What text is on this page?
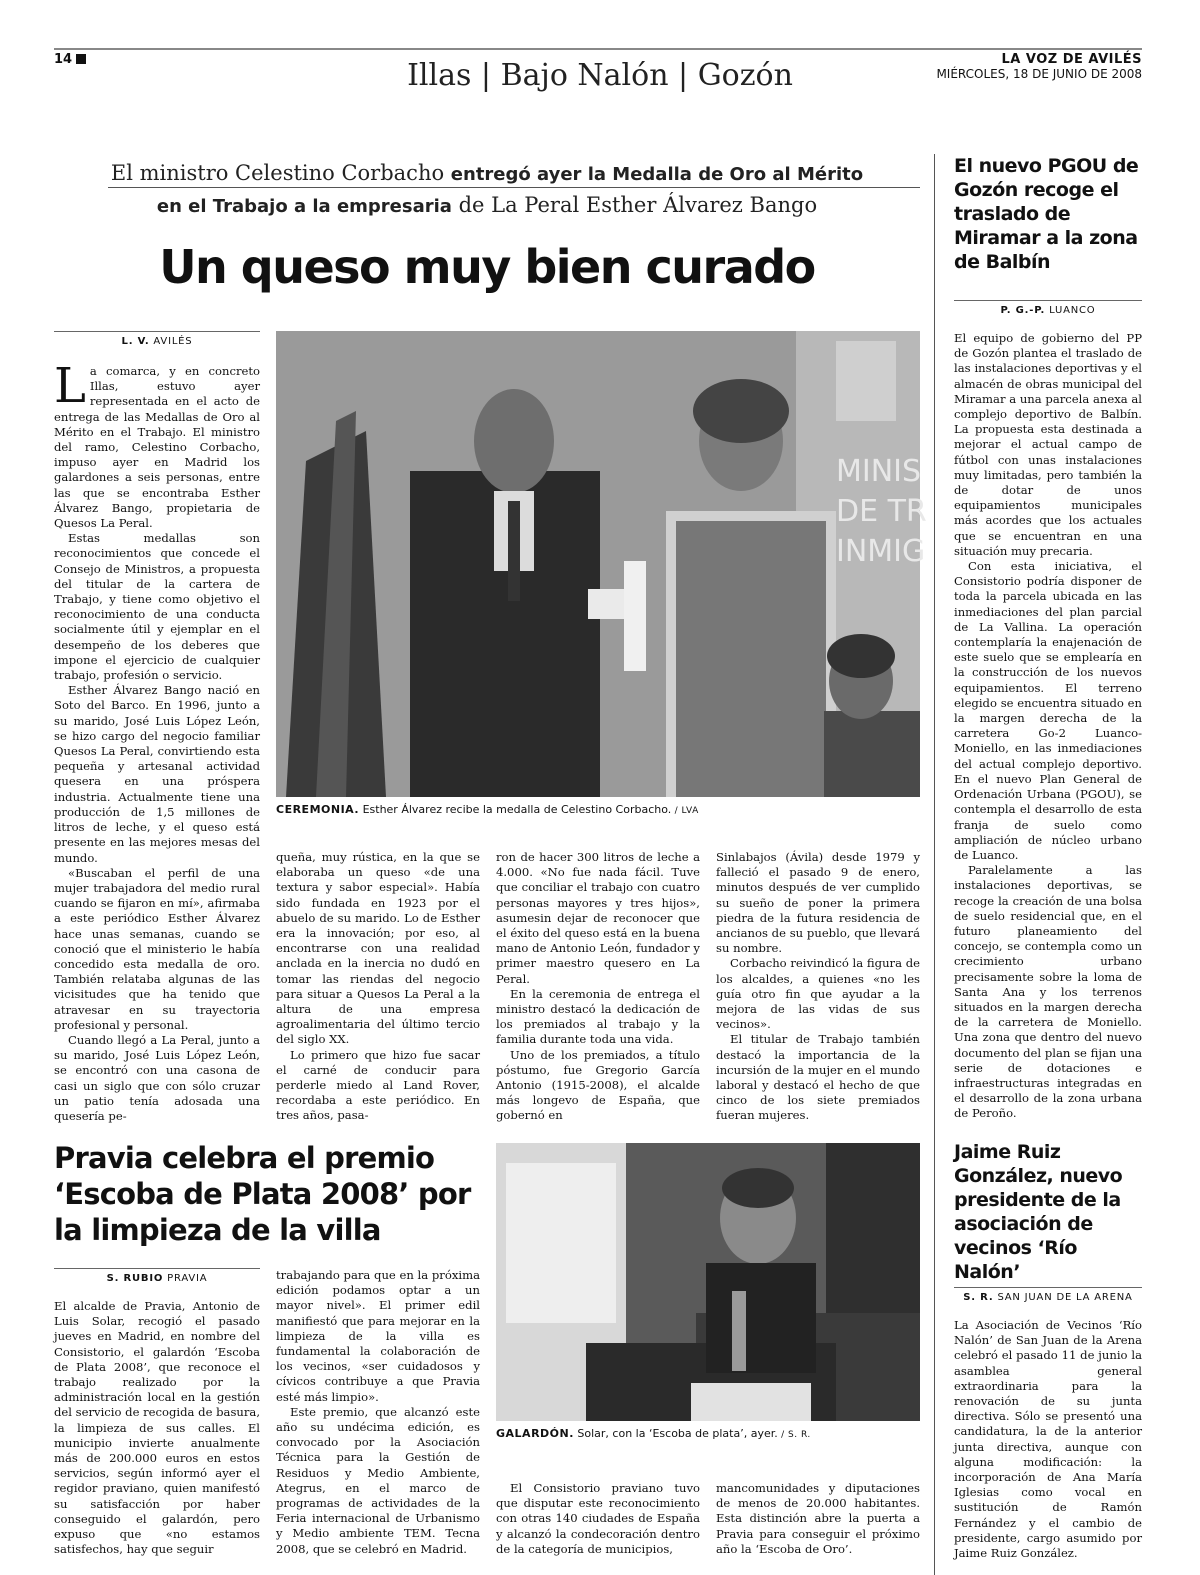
14	Illas | Bajo Nalón | Gozón	LA VOZ DE AVILÉS
MIÉRCOLES, 18 DE JUNIO DE 2008
El ministro Celestino Corbacho entregó ayer la Medalla de Oro al Mérito
en el Trabajo a la empresaria de La Peral Esther Álvarez Bango
Un queso muy bien curado
L. V. AVILÉS

La comarca, y en concreto Illas, estuvo ayer representada en el acto de entrega de las Medallas de Oro al Mérito en el Trabajo. El ministro del ramo, Celestino Corbacho, impuso ayer en Madrid los galardones a seis personas, entre las que se encontraba Esther Álvarez Bango, propietaria de Quesos La Peral.

Estas medallas son reconocimientos que concede el Consejo de Ministros, a propuesta del titular de la cartera de Trabajo, y tiene como objetivo el reconocimiento de una conducta socialmente útil y ejemplar en el desempeño de los deberes que impone el ejercicio de cualquier trabajo, profesión o servicio.

Esther Álvarez Bango nació en Soto del Barco. En 1996, junto a su marido, José Luis López León, se hizo cargo del negocio familiar Quesos La Peral, convirtiendo esta pequeña y artesanal actividad quesera en una próspera industria. Actualmente tiene una producción de 1,5 millones de litros de leche, y el queso está presente en las mejores mesas del mundo.

«Buscaban el perfil de una mujer trabajadora del medio rural cuando se fijaron en mí», afirmaba a este periódico Esther Álvarez hace unas semanas, cuando se conoció que el ministerio le había concedido esta medalla de oro. También relataba algunas de las vicisitudes que ha tenido que atravesar en su trayectoria profesional y personal.

Cuando llegó a La Peral, junto a su marido, José Luis López León, se encontró con una casona de casi un siglo que con sólo cruzar un patio tenía adosada una quesería pe-

MINIS
DE TR
INMIG
CEREMONIA. Esther Álvarez recibe la medalla de Celestino Corbacho. / LVA

queña, muy rústica, en la que se elaboraba un queso «de una textura y sabor especial». Había sido fundada en 1923 por el abuelo de su marido. Lo de Esther era la innovación; por eso, al encontrarse con una realidad anclada en la inercia no dudó en tomar las riendas del negocio para situar a Quesos La Peral a la altura de una empresa agroalimentaria del último tercio del siglo XX.

Lo primero que hizo fue sacar el carné de conducir para perderle miedo al Land Rover, recordaba a este periódico. En tres años, pasa-

ron de hacer 300 litros de leche a 4.000. «No fue nada fácil. Tuve que conciliar el trabajo con cuatro personas mayores y tres hijos», asumesin dejar de reconocer que el éxito del queso está en la buena mano de Antonio León, fundador y primer maestro quesero en La Peral.

En la ceremonia de entrega el ministro destacó la dedicación de los premiados al trabajo y la familia durante toda una vida.

Uno de los premiados, a título póstumo, fue Gregorio García Antonio (1915-2008), el alcalde más longevo de España, que gobernó en

Sinlabajos (Ávila) desde 1979 y falleció el pasado 9 de enero, minutos después de ver cumplido su sueño de poner la primera piedra de la futura residencia de ancianos de su pueblo, que llevará su nombre.

Corbacho reivindicó la figura de los alcaldes, a quienes «no les guía otro fin que ayudar a la mejora de las vidas de sus vecinos».

El titular de Trabajo también destacó la importancia de la incursión de la mujer en el mundo laboral y destacó el hecho de que cinco de los siete premiados fueran mujeres.

El nuevo PGOU de Gozón recoge el traslado de Miramar a la zona de Balbín
P. G.-P. LUANCO

El equipo de gobierno del PP de Gozón plantea el traslado de las instalaciones deportivas y el almacén de obras municipal del Miramar a una parcela anexa al complejo deportivo de Balbín. La propuesta esta destinada a mejorar el actual campo de fútbol con unas instalaciones muy limitadas, pero también la de dotar de unos equipamientos municipales más acordes que los actuales que se encuentran en una situación muy precaria.

Con esta iniciativa, el Consistorio podría disponer de toda la parcela ubicada en las inmediaciones del plan parcial de La Vallina. La operación contemplaría la enajenación de este suelo que se emplearía en la construcción de los nuevos equipamientos. El terreno elegido se encuentra situado en la margen derecha de la carretera Go-2 Luanco-Moniello, en las inmediaciones del actual complejo deportivo. En el nuevo Plan General de Ordenación Urbana (PGOU), se contempla el desarrollo de esta franja de suelo como ampliación de núcleo urbano de Luanco.

Paralelamente a las instalaciones deportivas, se recoge la creación de una bolsa de suelo residencial que, en el futuro planeamiento del concejo, se contempla como un crecimiento urbano precisamente sobre la loma de Santa Ana y los terrenos situados en la margen derecha de la carretera de Moniello. Una zona que dentro del nuevo documento del plan se fijan una serie de dotaciones e infraestructuras integradas en el desarrollo de la zona urbana de Peroño.

Pravia celebra el premio ‘Escoba de Plata 2008’ por la limpieza de la villa
S. RUBIO PRAVIA

El alcalde de Pravia, Antonio de Luis Solar, recogió el pasado jueves en Madrid, en nombre del Consistorio, el galardón ‘Escoba de Plata 2008’, que reconoce el trabajo realizado por la administración local en la gestión del servicio de recogida de basura, la limpieza de sus calles. El municipio invierte anualmente más de 200.000 euros en estos servicios, según informó ayer el regidor praviano, quien manifestó su satisfacción por haber conseguido el galardón, pero expuso que «no estamos satisfechos, hay que seguir

trabajando para que en la próxima edición podamos optar a un mayor nivel». El primer edil manifiestó que para mejorar en la limpieza de la villa es fundamental la colaboración de los vecinos, «ser cuidadosos y cívicos contribuye a que Pravia esté más limpio».

Este premio, que alcanzó este año su undécima edición, es convocado por la Asociación Técnica para la Gestión de Residuos y Medio Ambiente, Ategrus, en el marco de programas de actividades de la Feria internacional de Urbanismo y Medio ambiente TEM. Tecna 2008, que se celebró en Madrid.

GALARDÓN. Solar, con la ‘Escoba de plata’, ayer. / S. R.

El Consistorio praviano tuvo que disputar este reconocimiento con otras 140 ciudades de España y alcanzó la condecoración dentro de la categoría de municipios,

mancomunidades y diputaciones de menos de 20.000 habitantes. Esta distinción abre la puerta a Pravia para conseguir el próximo año la ‘Escoba de Oro’.

Jaime Ruiz González, nuevo presidente de la asociación de vecinos ‘Río Nalón’
S. R. SAN JUAN DE LA ARENA

La Asociación de Vecinos ‘Río Nalón’ de San Juan de la Arena celebró el pasado 11 de junio la asamblea general extraordinaria para la renovación de su junta directiva. Sólo se presentó una candidatura, la de la anterior junta directiva, aunque con alguna modificación: la incorporación de Ana María Iglesias como vocal en sustitución de Ramón Fernández y el cambio de presidente, cargo asumido por Jaime Ruiz González.
